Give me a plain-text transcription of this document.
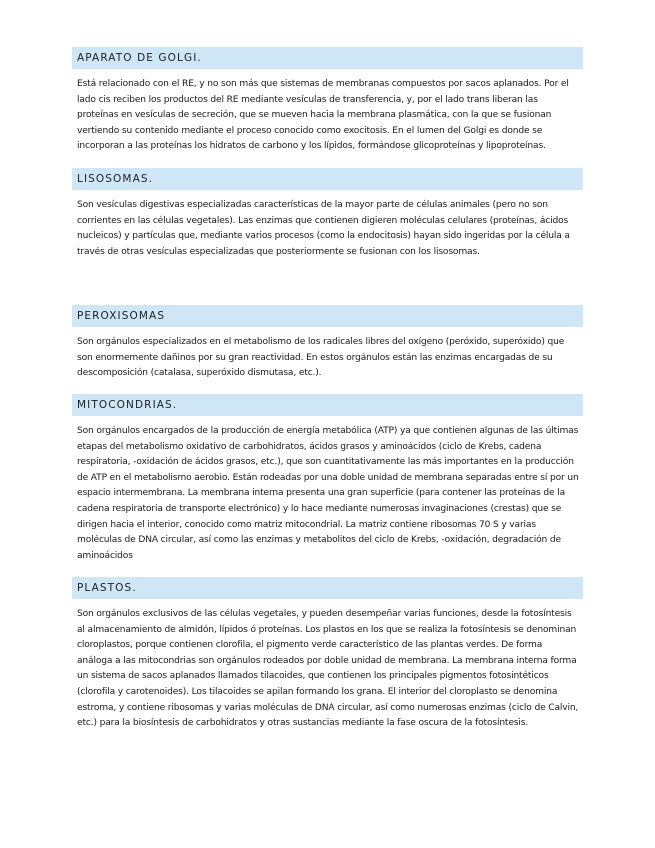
APARATO DE GOLGI.

Está relacionado con el RE, y no son más que sistemas de membranas compuestos por sacos aplanados. Por el lado cis reciben los productos del RE mediante vesículas de transferencia, y, por el lado trans liberan las proteínas en vesículas de secreción, que se mueven hacia la membrana plasmática, con la que se fusionan vertiendo su contenido mediante el proceso conocido como exocitosis. En el lumen del Golgi es donde se incorporan a las proteínas los hidratos de carbono y los lípidos, formándose glicoproteínas y lipoproteínas.

LISOSOMAS.

Son vesículas digestivas especializadas características de la mayor parte de células animales (pero no son corrientes en las células vegetales). Las enzimas que contienen digieren moléculas celulares (proteínas, ácidos nucleicos) y partículas que, mediante varios procesos (como la endocitosis) hayan sido ingeridas por la célula a través de otras vesículas especializadas que posteriormente se fusionan con los lisosomas.

PEROXISOMAS

Son orgánulos especializados en el metabolismo de los radicales libres del oxígeno (peróxido, superóxido) que son enormemente dañinos por su gran reactividad. En estos orgánulos están las enzimas encargadas de su descomposición (catalasa, superóxido dismutasa, etc.).

MITOCONDRIAS.

Son orgánulos encargados de la producción de energía metabólica (ATP) ya que contienen algunas de las últimas etapas del metabolismo oxidativo de carbohidratos, ácidos grasos y aminoácidos (ciclo de Krebs, cadena respiratoria, -oxidación de ácidos grasos, etc.), que son cuantitativamente las más importantes en la producción de ATP en el metabolismo aerobio. Están rodeadas por una doble unidad de membrana separadas entre sí por un espacio intermembrana. La membrana interna presenta una gran superficie (para contener las proteínas de la cadena respiratoria de transporte electrónico) y lo hace mediante numerosas invaginaciones (crestas) que se dirigen hacia el interior, conocido como matriz mitocondrial. La matriz contiene ribosomas 70 S y varias moléculas de DNA circular, así como las enzimas y metabolitos del ciclo de Krebs, -oxidación, degradación de aminoácidos

PLASTOS.

Son orgánulos exclusivos de las células vegetales, y pueden desempeñar varias funciones, desde la fotosíntesis al almacenamiento de almidón, lípidos ó proteínas. Los plastos en los que se realiza la fotosíntesis se denominan cloroplastos, porque contienen clorofila, el pigmento verde característico de las plantas verdes. De forma análoga a las mitocondrias son orgánulos rodeados por doble unidad de membrana. La membrana interna forma un sistema de sacos aplanados llamados tilacoides, que contienen los principales pigmentos fotosintéticos (clorofila y carotenoides). Los tilacoides se apilan formando los grana. El interior del cloroplasto se denomina estroma, y contiene ribosomas y varias moléculas de DNA circular, así como numerosas enzimas (ciclo de Calvin, etc.) para la biosíntesis de carbohidratos y otras sustancias mediante la fase oscura de la fotosíntesis.
